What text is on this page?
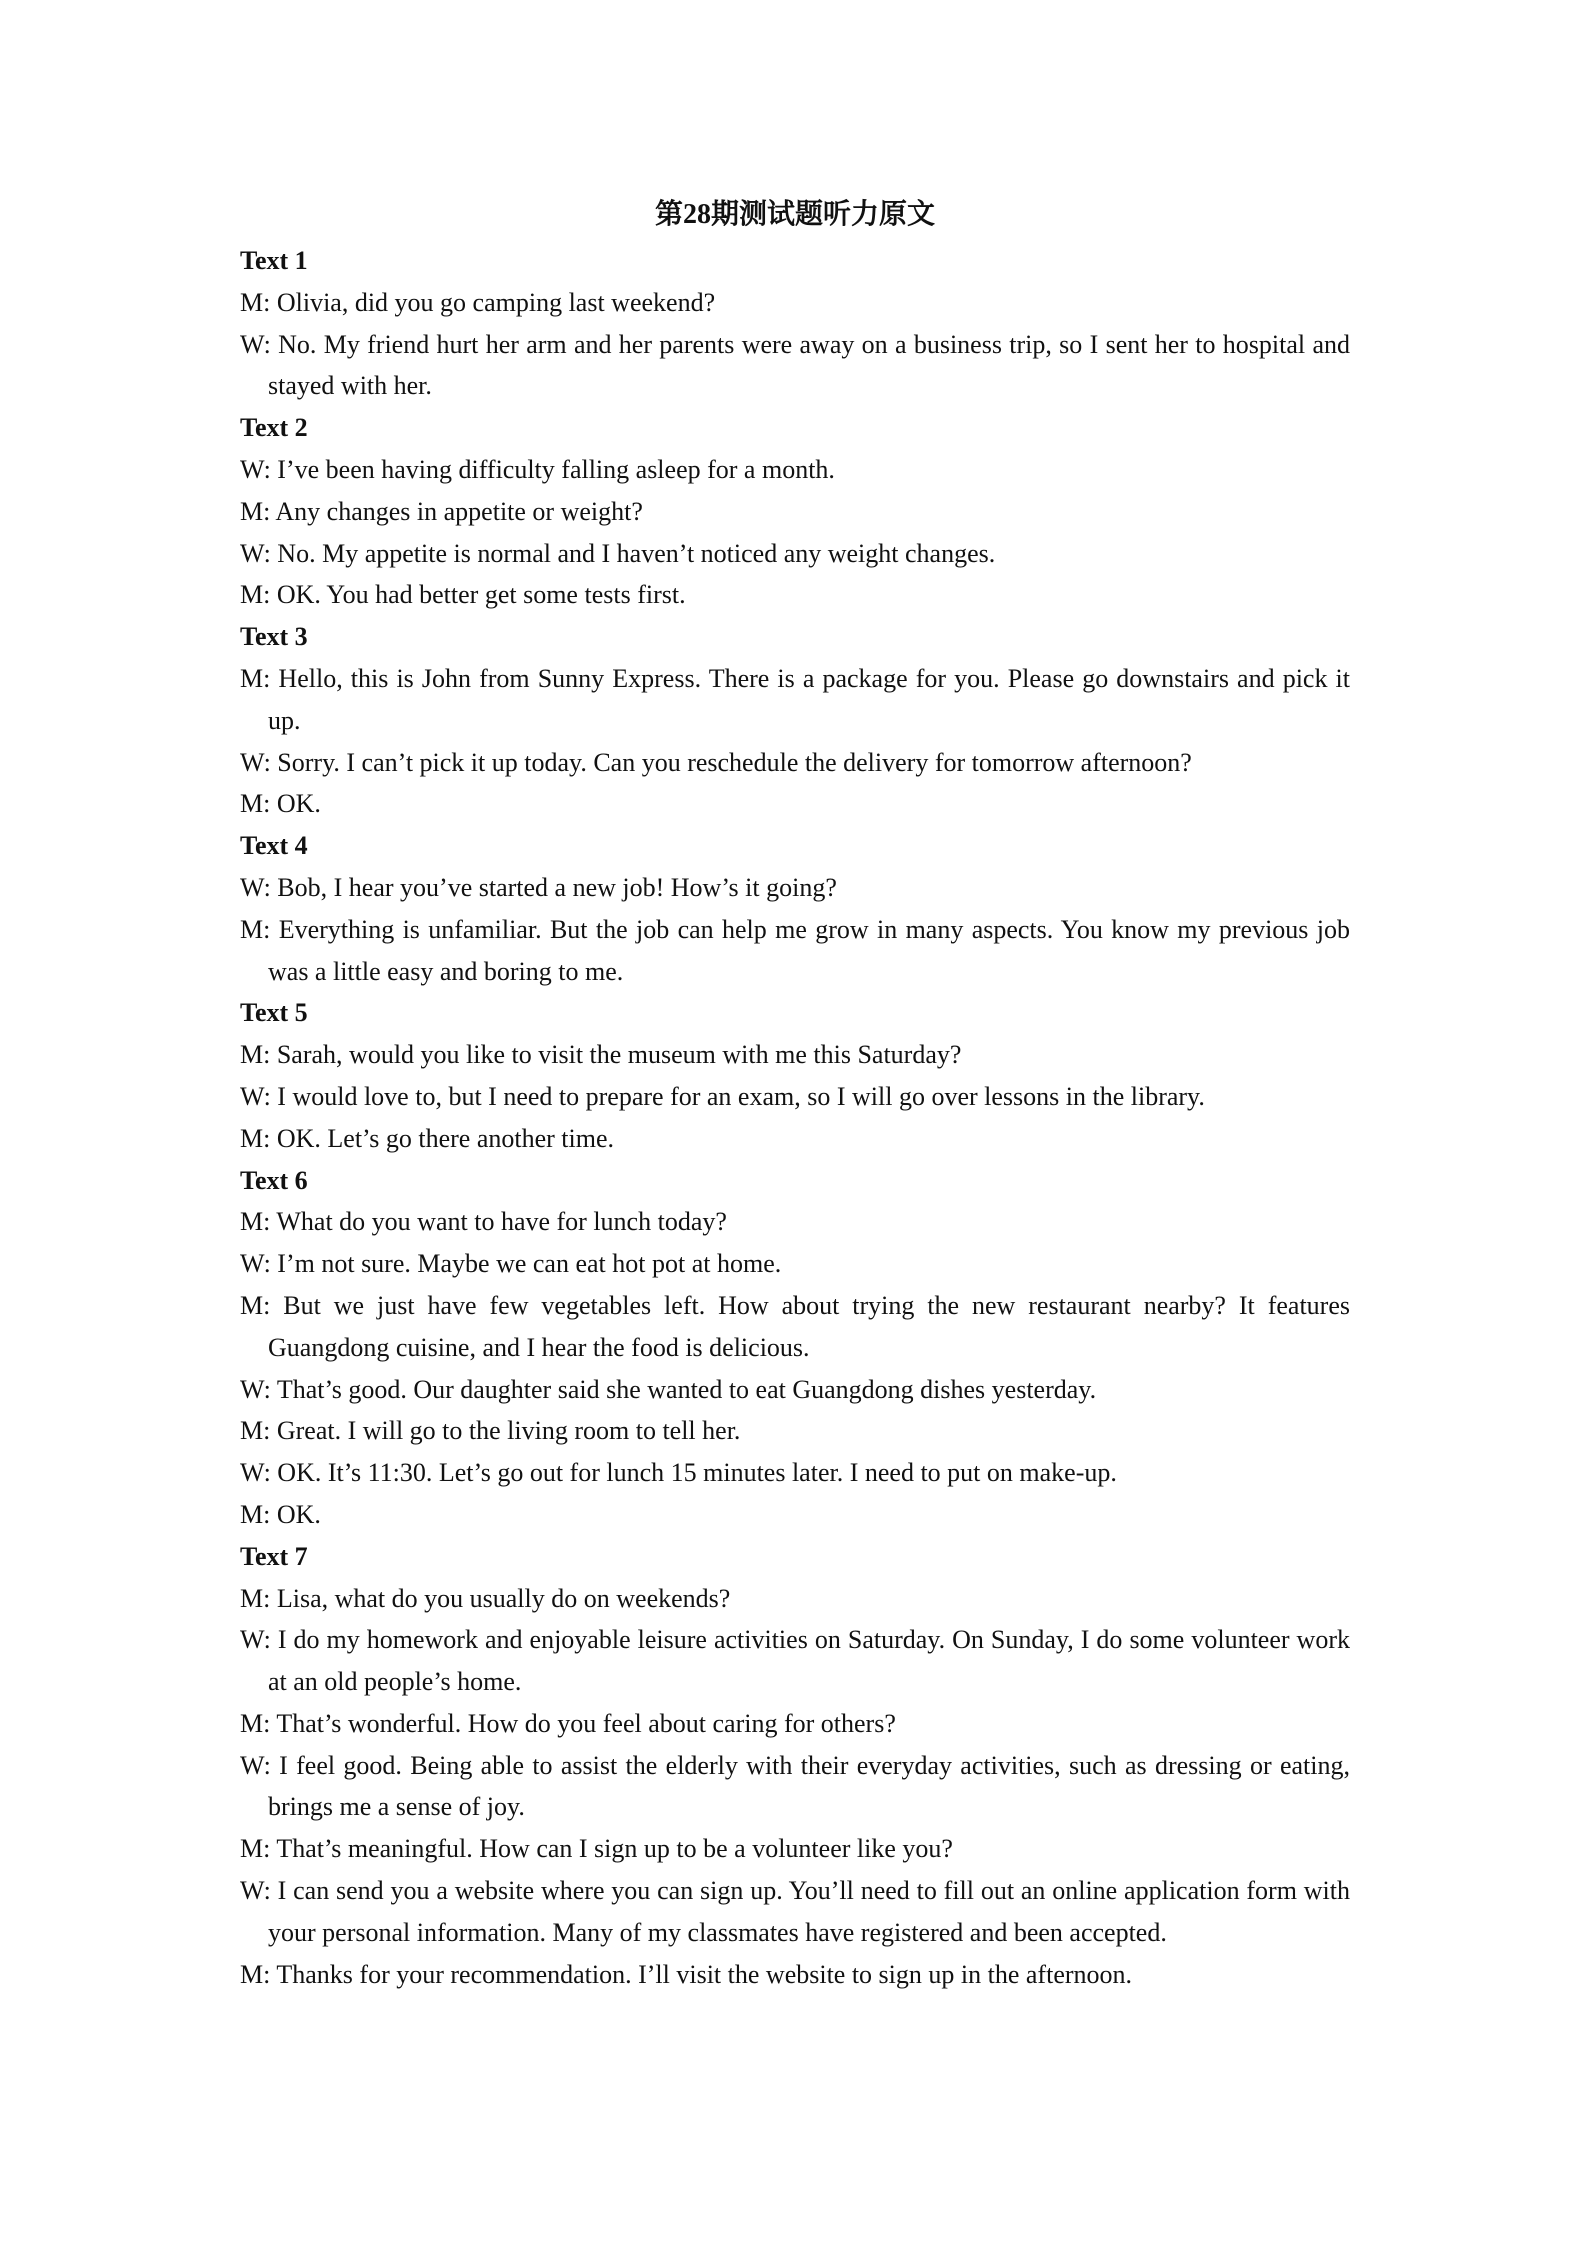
第28期测试题听力原文

Text 1

M: Olivia, did you go camping last weekend?

W: No. My friend hurt her arm and her parents were away on a business trip, so I sent her to hospital and stayed with her.

Text 2

W: I’ve been having difficulty falling asleep for a month.

M: Any changes in appetite or weight?

W: No. My appetite is normal and I haven’t noticed any weight changes.

M: OK. You had better get some tests first.

Text 3

M: Hello, this is John from Sunny Express. There is a package for you. Please go downstairs and pick it up.

W: Sorry. I can’t pick it up today. Can you reschedule the delivery for tomorrow afternoon?

M: OK.

Text 4

W: Bob, I hear you’ve started a new job! How’s it going?

M: Everything is unfamiliar. But the job can help me grow in many aspects. You know my previous job was a little easy and boring to me.

Text 5

M: Sarah, would you like to visit the museum with me this Saturday?

W: I would love to, but I need to prepare for an exam, so I will go over lessons in the library.

M: OK. Let’s go there another time.

Text 6

M: What do you want to have for lunch today?

W: I’m not sure. Maybe we can eat hot pot at home.

M: But we just have few vegetables left. How about trying the new restaurant nearby? It features Guangdong cuisine, and I hear the food is delicious.

W: That’s good. Our daughter said she wanted to eat Guangdong dishes yesterday.

M: Great. I will go to the living room to tell her.

W: OK. It’s 11:30. Let’s go out for lunch 15 minutes later. I need to put on make-up.

M: OK.

Text 7

M: Lisa, what do you usually do on weekends?

W: I do my homework and enjoyable leisure activities on Saturday. On Sunday, I do some volunteer work at an old people’s home.

M: That’s wonderful. How do you feel about caring for others?

W: I feel good. Being able to assist the elderly with their everyday activities, such as dressing or eating, brings me a sense of joy.

M: That’s meaningful. How can I sign up to be a volunteer like you?

W: I can send you a website where you can sign up. You’ll need to fill out an online application form with your personal information. Many of my classmates have registered and been accepted.

M: Thanks for your recommendation. I’ll visit the website to sign up in the afternoon.
